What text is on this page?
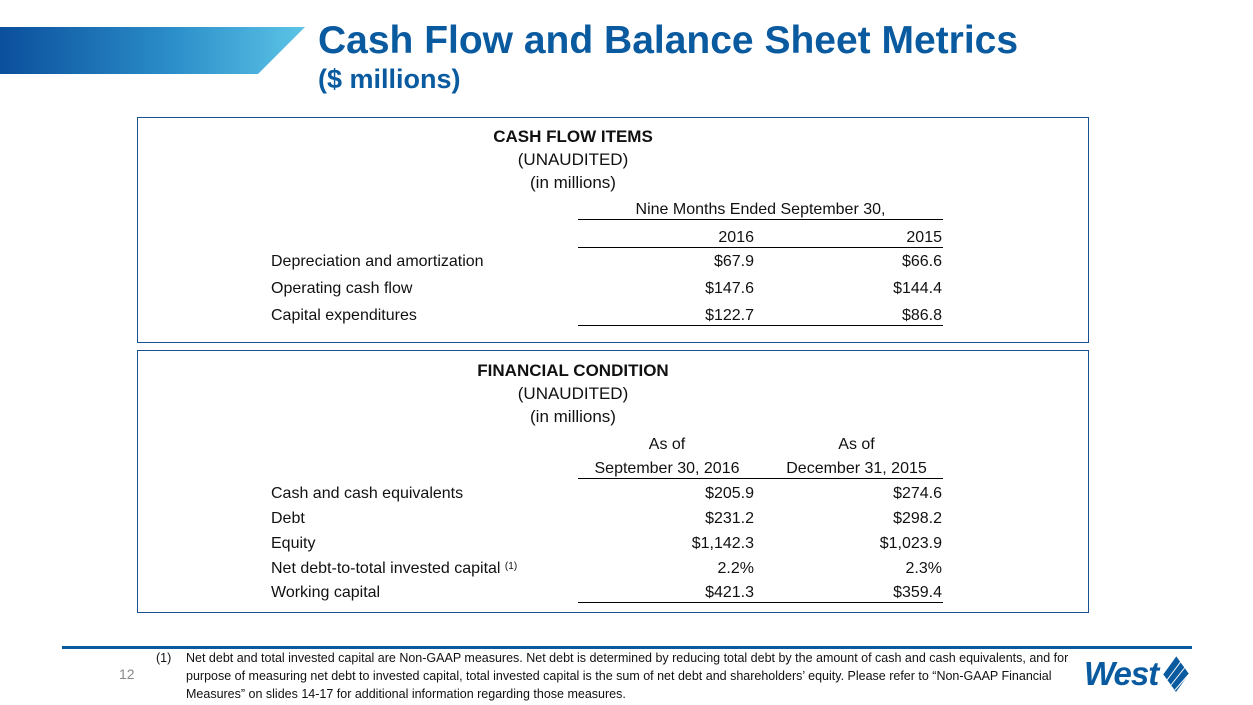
Cash Flow and Balance Sheet Metrics
($ millions)
CASH FLOW ITEMS
(UNAUDITED)
(in millions)
Nine Months Ended September 30,
2016	2015
Depreciation and amortization	$67.9	$66.6
Operating cash flow	$147.6	$144.4
Capital expenditures	$122.7	$86.8
FINANCIAL CONDITION
(UNAUDITED)
(in millions)
As of	As of
September 30, 2016	December 31, 2015
Cash and cash equivalents	$205.9	$274.6
Debt	$231.2	$298.2
Equity	$1,142.3	$1,023.9
Net debt-to-total invested capital $^{(1)}$	2.2%	2.3%
Working capital	$421.3	$359.4
12
(1)	Net debt and total invested capital are Non-GAAP measures. Net debt is determined by reducing total debt by the amount of cash and cash equivalents, and for purpose of measuring net debt to invested capital, total invested capital is the sum of net debt and shareholders’ equity. Please refer to “Non-GAAP Financial Measures” on slides 14-17 for additional information regarding those measures.
West
